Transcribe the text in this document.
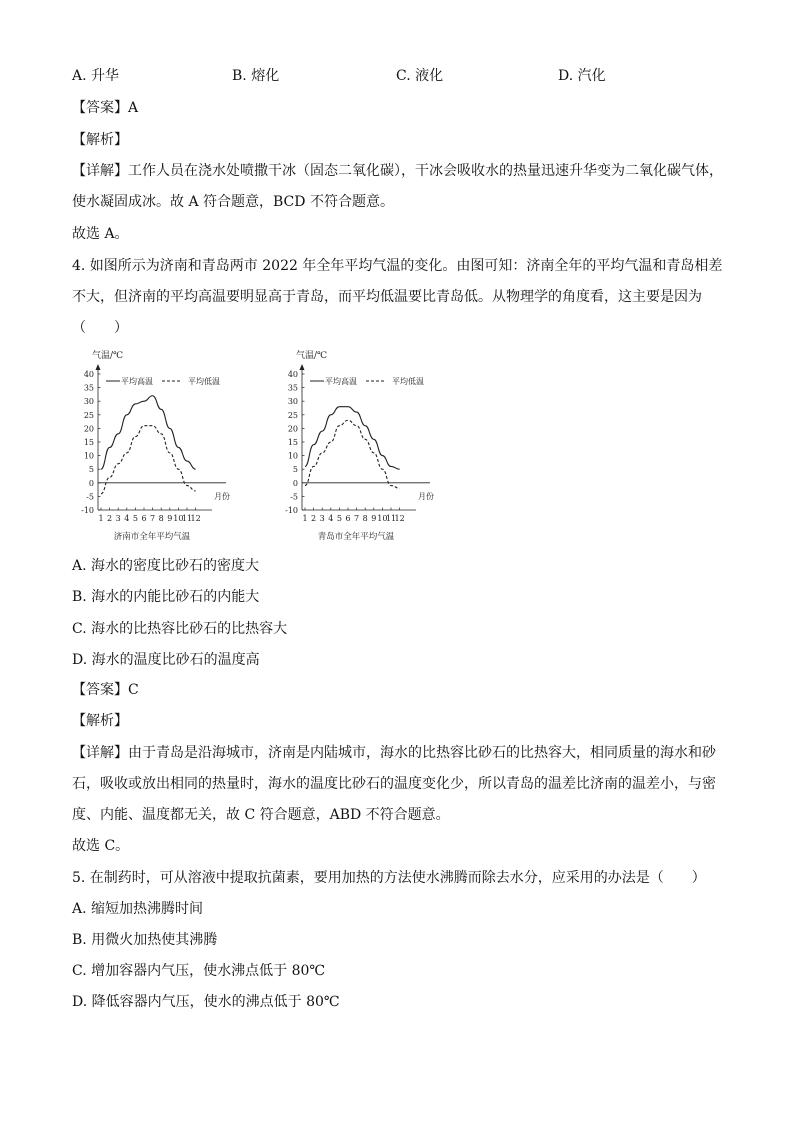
A. 升华	B. 熔化	C. 液化	D. 汽化
【答案】A
【解析】
【详解】工作人员在浇水处喷撒干冰（固态二氧化碳），干冰会吸收水的热量迅速升华变为二氧化碳气体，
使水凝固成冰。故 A 符合题意，BCD 不符合题意。
故选 A。
4. 如图所示为济南和青岛两市 2022 年全年平均气温的变化。由图可知：济南全年的平均气温和青岛相差
不大，但济南的平均高温要明显高于青岛，而平均低温要比青岛低。从物理学的角度看，这主要是因为
（　　）
气温/℃
40
35
30
25
20
15
10
5
0
-5
-10
月份
1 2 3 4 5 6 7 8 9 10
11
12
平均高温	平均低温
济南市全年平均气温
气温/℃
40
35
30
25
20
15
10
5
0
-5
-10
月份
1 2 3 4 5 6 7 8 9 10
11
12
平均高温	平均低温
青岛市全年平均气温
A. 海水的密度比砂石的密度大
B. 海水的内能比砂石的内能大
C. 海水的比热容比砂石的比热容大
D. 海水的温度比砂石的温度高
【答案】C
【解析】
【详解】由于青岛是沿海城市，济南是内陆城市，海水的比热容比砂石的比热容大，相同质量的海水和砂
石，吸收或放出相同的热量时，海水的温度比砂石的温度变化少，所以青岛的温差比济南的温差小，与密
度、内能、温度都无关，故 C 符合题意，ABD 不符合题意。
故选 C。
5. 在制药时，可从溶液中提取抗菌素，要用加热的方法使水沸腾而除去水分，应采用的办法是（　　）
A. 缩短加热沸腾时间
B. 用微火加热使其沸腾
C. 增加容器内气压，使水沸点低于 80℃
D. 降低容器内气压，使水的沸点低于 80℃
